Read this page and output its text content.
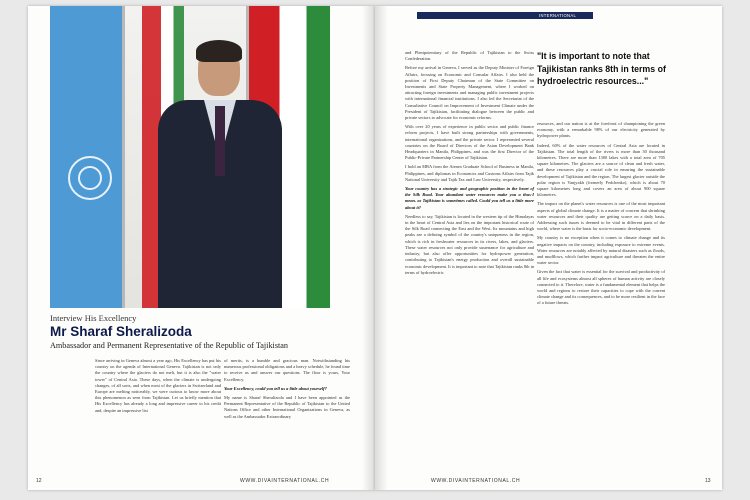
Interview His Excellency
Mr Sharaf Sheralizoda
Ambassador and Permanent Representative of the Republic of Tajikistan

Since arriving in Geneva almost a year ago, His Excellency has put his country on the agenda of International Geneva. Tajikistan is not only the country where the glaciers do not melt, but it is also the "water tower" of Central Asia. These days, when the climate is undergoing changes, of all sorts, and when most of the glaciers in Switzerland and Europe are melting noticeably, we were curious to know more about this phenomenon as seen from Tajikistan. Let us briefly mention that His Excellency has already a long and impressive career to his credit and, despite an impressive list

of merits, is a humble and gracious man. Notwithstanding his numerous professional obligations and a heavy schedule, he found time to receive us and answer our questions. The floor is yours, Your Excellency.

Your Excellency, could you tell us a little about yourself?

My name is Sharaf Sheralizoda and I have been appointed as the Permanent Representative of the Republic of Tajikistan to the United Nations Office and other International Organizations in Geneva, as well as the Ambassador Extraordinary

12	WWW.DIVAINTERNATIONAL.CH
INTERNATIONAL

and Plenipotentiary of the Republic of Tajikistan to the Swiss Confederation.

Before my arrival in Geneva, I served as the Deputy Minister of Foreign Affairs, focusing on Economic and Consular Affairs. I also held the position of First Deputy Chairman of the State Committee on Investments and State Property Management, where I worked on attracting foreign investments and managing public investment projects with international financial institutions. I also led the Secretariat of the Consultative Council on Improvement of Investment Climate under the President of Tajikistan, facilitating dialogue between the public and private sectors to advocate for economic reforms.

With over 20 years of experience in public sector and public finance reform projects, I have built strong partnerships with governments, international organizations, and the private sector. I represented several countries on the Board of Directors of the Asian Development Bank Headquarters in Manila, Philippines, and was the first Director of the Public-Private Partnership Center of Tajikistan.

I hold an MBA from the Ateneo Graduate School of Business in Manila, Philippines, and diplomas in Economics and Customs Affairs from Tajik National University and Tajik Tax and Law University, respectively.

Your country has a strategic and geographic position in the heart of the Silk Road. Your abundant water resources make you a thus-I mean. as Tajikistan is sometimes called. Could you tell us a little more about it?

Needless to say, Tajikistan is located in the western tip of the Himalayas in the heart of Central Asia and lies on the important historical route of the Silk Road connecting the East and the West. Its mountains and high peaks are a defining symbol of the country's uniqueness in the region, which is rich in freshwater resources in its rivers, lakes, and glaciers. These water resources not only provide sustenance for agriculture and industry, but also offer opportunities for hydropower generation, contributing to Tajikistan's energy production and overall sustainable economic development. It is important to note that Tajikistan ranks 8th in terms of hydroelectric

"It is important to note that Tajikistan ranks 8th in terms of hydroelectric resources..."

resources, and our nation is at the forefront of championing the green economy, with a remarkable 98% of our electricity generated by hydropower plants.

Indeed, 60% of the water resources of Central Asia are located in Tajikistan. The total length of the rivers is more than 30 thousand kilometres. There are more than 1300 lakes with a total area of 705 square kilometres. The glaciers are a source of clean and fresh water, and these resources play a crucial role in ensuring the sustainable development of Tajikistan and the region. The largest glacier outside the polar region is Vanjyakh (formerly Fedchenko), which is about 70 square kilometres long and covers an area of about 900 square kilometres.

The impact on the planet's water resources is one of the most important aspects of global climate change. It is a matter of concern that shrinking water resources and their quality are getting scarce on a daily basis. Addressing such issues is deemed to be vital in different parts of the world, where water is the basis for socio-economic development.

My country is no exception when it comes to climate change and its negative impacts on the country, including exposure to extreme events. Water resources are notably affected by natural disasters such as floods, and mudflows, which further impact agriculture and threaten the entire water sector.

Given the fact that water is essential for the survival and productivity of all life and ecosystems almost all spheres of human activity are closely connected to it. Therefore, water is a fundamental element that helps the world and regions to restore their capacities to cope with the current climate change and its consequences, and to be more resilient in the face of a future threats.

WWW.DIVAINTERNATIONAL.CH	13
